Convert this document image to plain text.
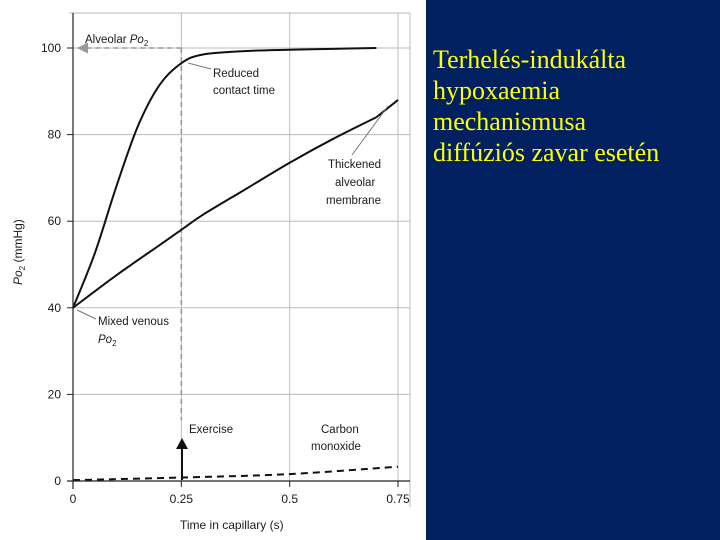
0	0.25	0.5	0.75
0
20
40
60
80
100
Alveolar $Po_2$
Reduced
contact time
Thickened
alveolar
membrane
Mixed venous
$Po_2$
Exercise	Carbon
monoxide
Time in capillary (s)
$Po_2$ (mmHg)
Terhelés-indukálta
hypoxaemia
mechanismusa
diffúziós zavar esetén
